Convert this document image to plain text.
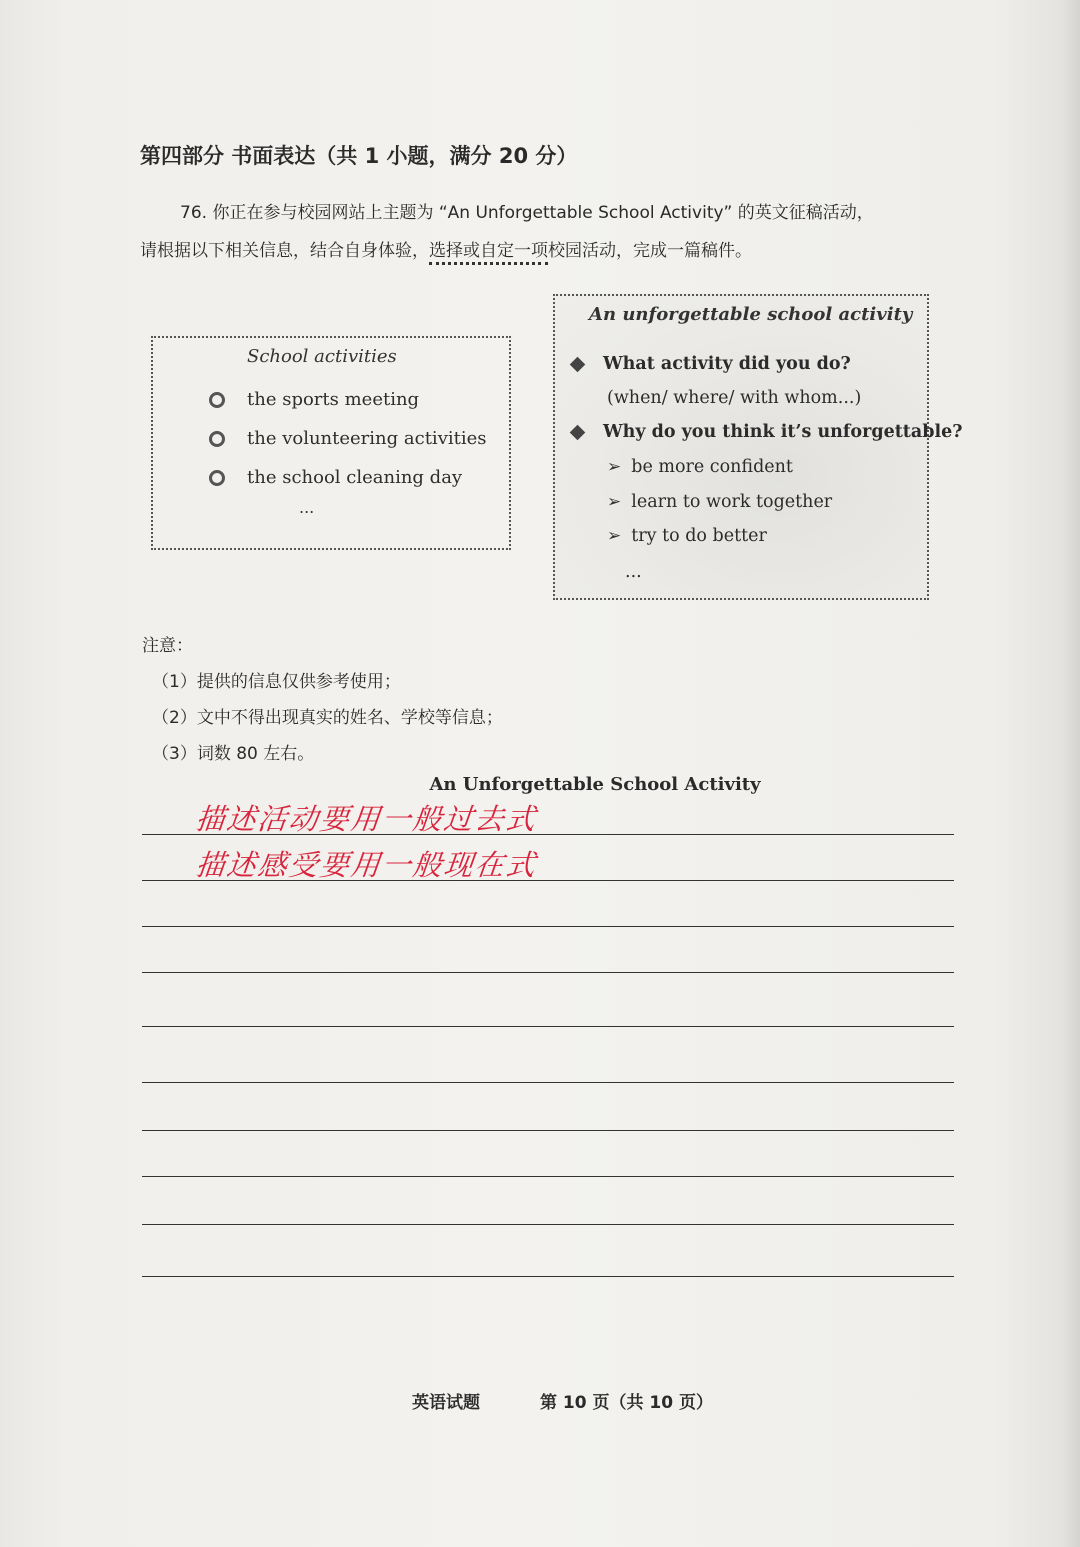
第四部分 书面表达（共 1 小题，满分 20 分）
76. 你正在参与校园网站上主题为 “An Unforgettable School Activity” 的英文征稿活动，
请根据以下相关信息，结合自身体验，选择或自定一项校园活动，完成一篇稿件。
School activities
the sports meeting
the volunteering activities
the school cleaning day
...
An unforgettable school activity
What activity did you do?
(when/ where/ with whom...)
Why do you think it’s unforgettable?
➢ be more confident
➢ learn to work together
➢ try to do better
...
注意：
（1）提供的信息仅供参考使用；
（2）文中不得出现真实的姓名、学校等信息；
（3）词数 80 左右。
An Unforgettable School Activity
描述活动要用一般过去式
描述感受要用一般现在式
英语试题	第 10 页（共 10 页）
